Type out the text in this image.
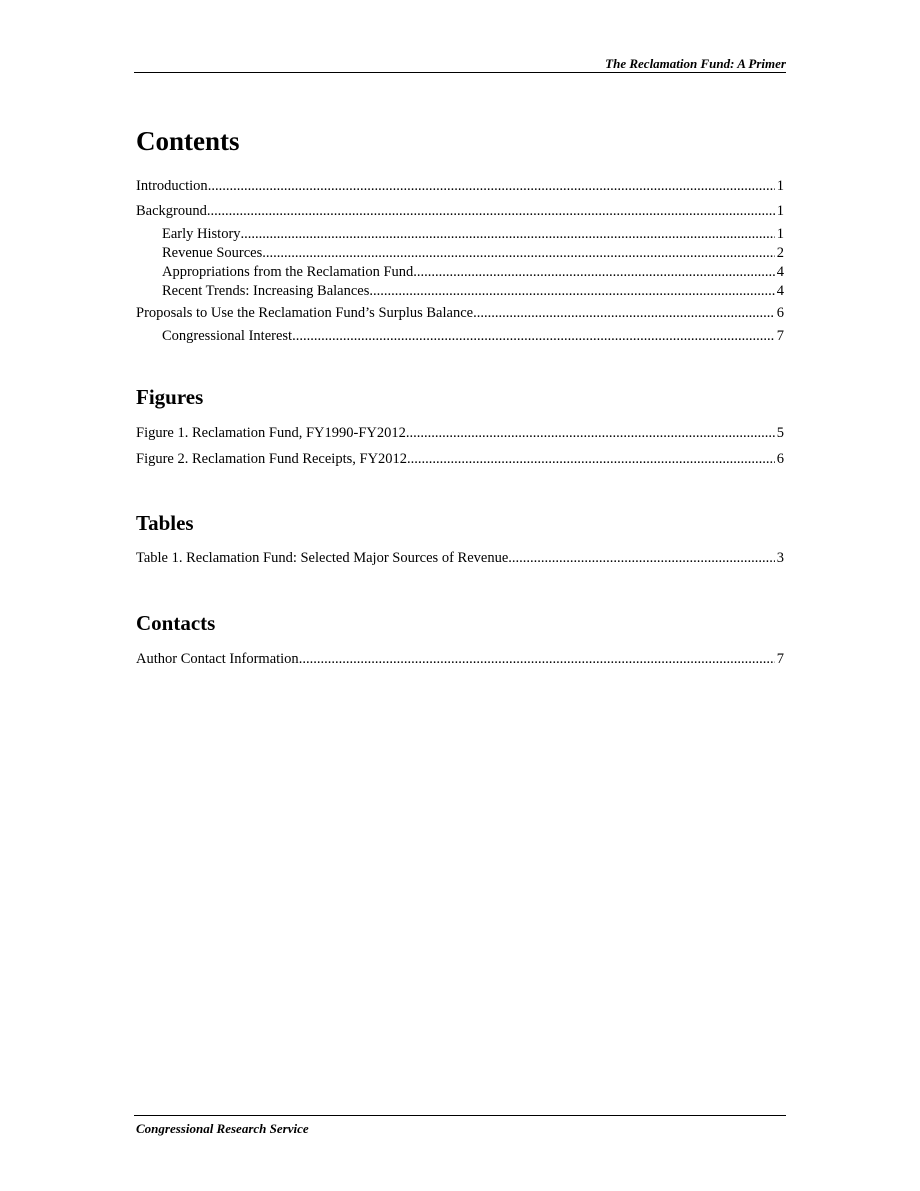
The Reclamation Fund: A Primer
Contents
Introduction .....	1
Background .....	1
Early History .....	1
Revenue Sources .....	2
Appropriations from the Reclamation Fund .....	4
Recent Trends: Increasing Balances .....	4
Proposals to Use the Reclamation Fund’s Surplus Balance .....	6
Congressional Interest .....	7
Figures
Figure 1. Reclamation Fund, FY1990-FY2012 .....	5
Figure 2. Reclamation Fund Receipts, FY2012 .....	6
Tables
Table 1. Reclamation Fund: Selected Major Sources of Revenue .....	3
Contacts
Author Contact Information .....	7
Congressional Research Service
